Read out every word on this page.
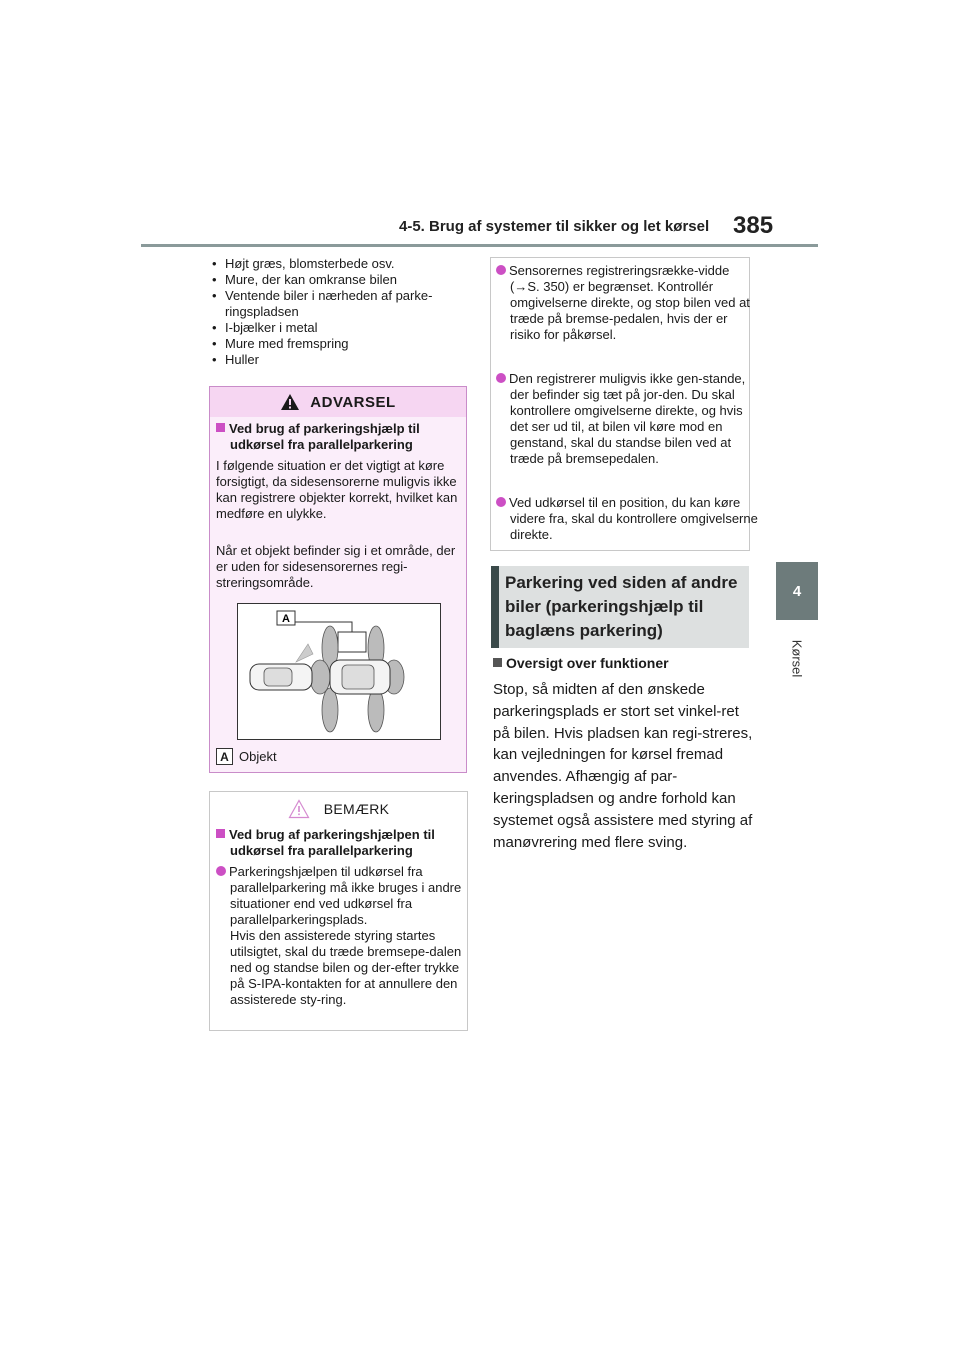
4-5. Brug af systemer til sikker og let kørsel 385
4
Kørsel
• Højt græs, blomsterbede osv.
• Mure, der kan omkranse bilen
• Ventende biler i nærheden af parke-ringspladsen
• I-bjælker i metal
• Mure med fremspring
• Huller
ADVARSEL
Ved brug af parkeringshjælp til udkørsel fra parallelparkering
I følgende situation er det vigtigt at køre forsigtigt, da sidesensorerne muligvis ikke kan registrere objekter korrekt, hvilket kan medføre en ulykke.
Når et objekt befinder sig i et område, der er uden for sidesensorernes regi-streringsområde.
A
A Objekt
BEMÆRK
Ved brug af parkeringshjælpen til udkørsel fra parallelparkering
Parkeringshjælpen til udkørsel fra parallelparkering må ikke bruges i andre situationer end ved udkørsel fra parallelparkeringsplads.
Hvis den assisterede styring startes utilsigtet, skal du træde bremsepe-dalen ned og standse bilen og der-efter trykke på S-IPA-kontakten for at annullere den assisterede sty-ring.
Sensorernes registreringsrække-vidde (→S. 350) er begrænset. Kontrollér omgivelserne direkte, og stop bilen ved at træde på bremse-pedalen, hvis der er risiko for påkørsel.
Den registrerer muligvis ikke gen-stande, der befinder sig tæt på jor-den. Du skal kontrollere omgivelserne direkte, og hvis det ser ud til, at bilen vil køre mod en genstand, skal du standse bilen ved at træde på bremsepedalen.
Ved udkørsel til en position, du kan køre videre fra, skal du kontrollere omgivelserne direkte.
Parkering ved siden af andre biler (parkeringshjælp til baglæns parkering)
Oversigt over funktioner
Stop, så midten af den ønskede parkeringsplads er stort set vinkel-ret på bilen. Hvis pladsen kan regi-streres, kan vejledningen for kørsel fremad anvendes. Afhængig af par-keringspladsen og andre forhold kan systemet også assistere med styring af manøvrering med flere sving.
